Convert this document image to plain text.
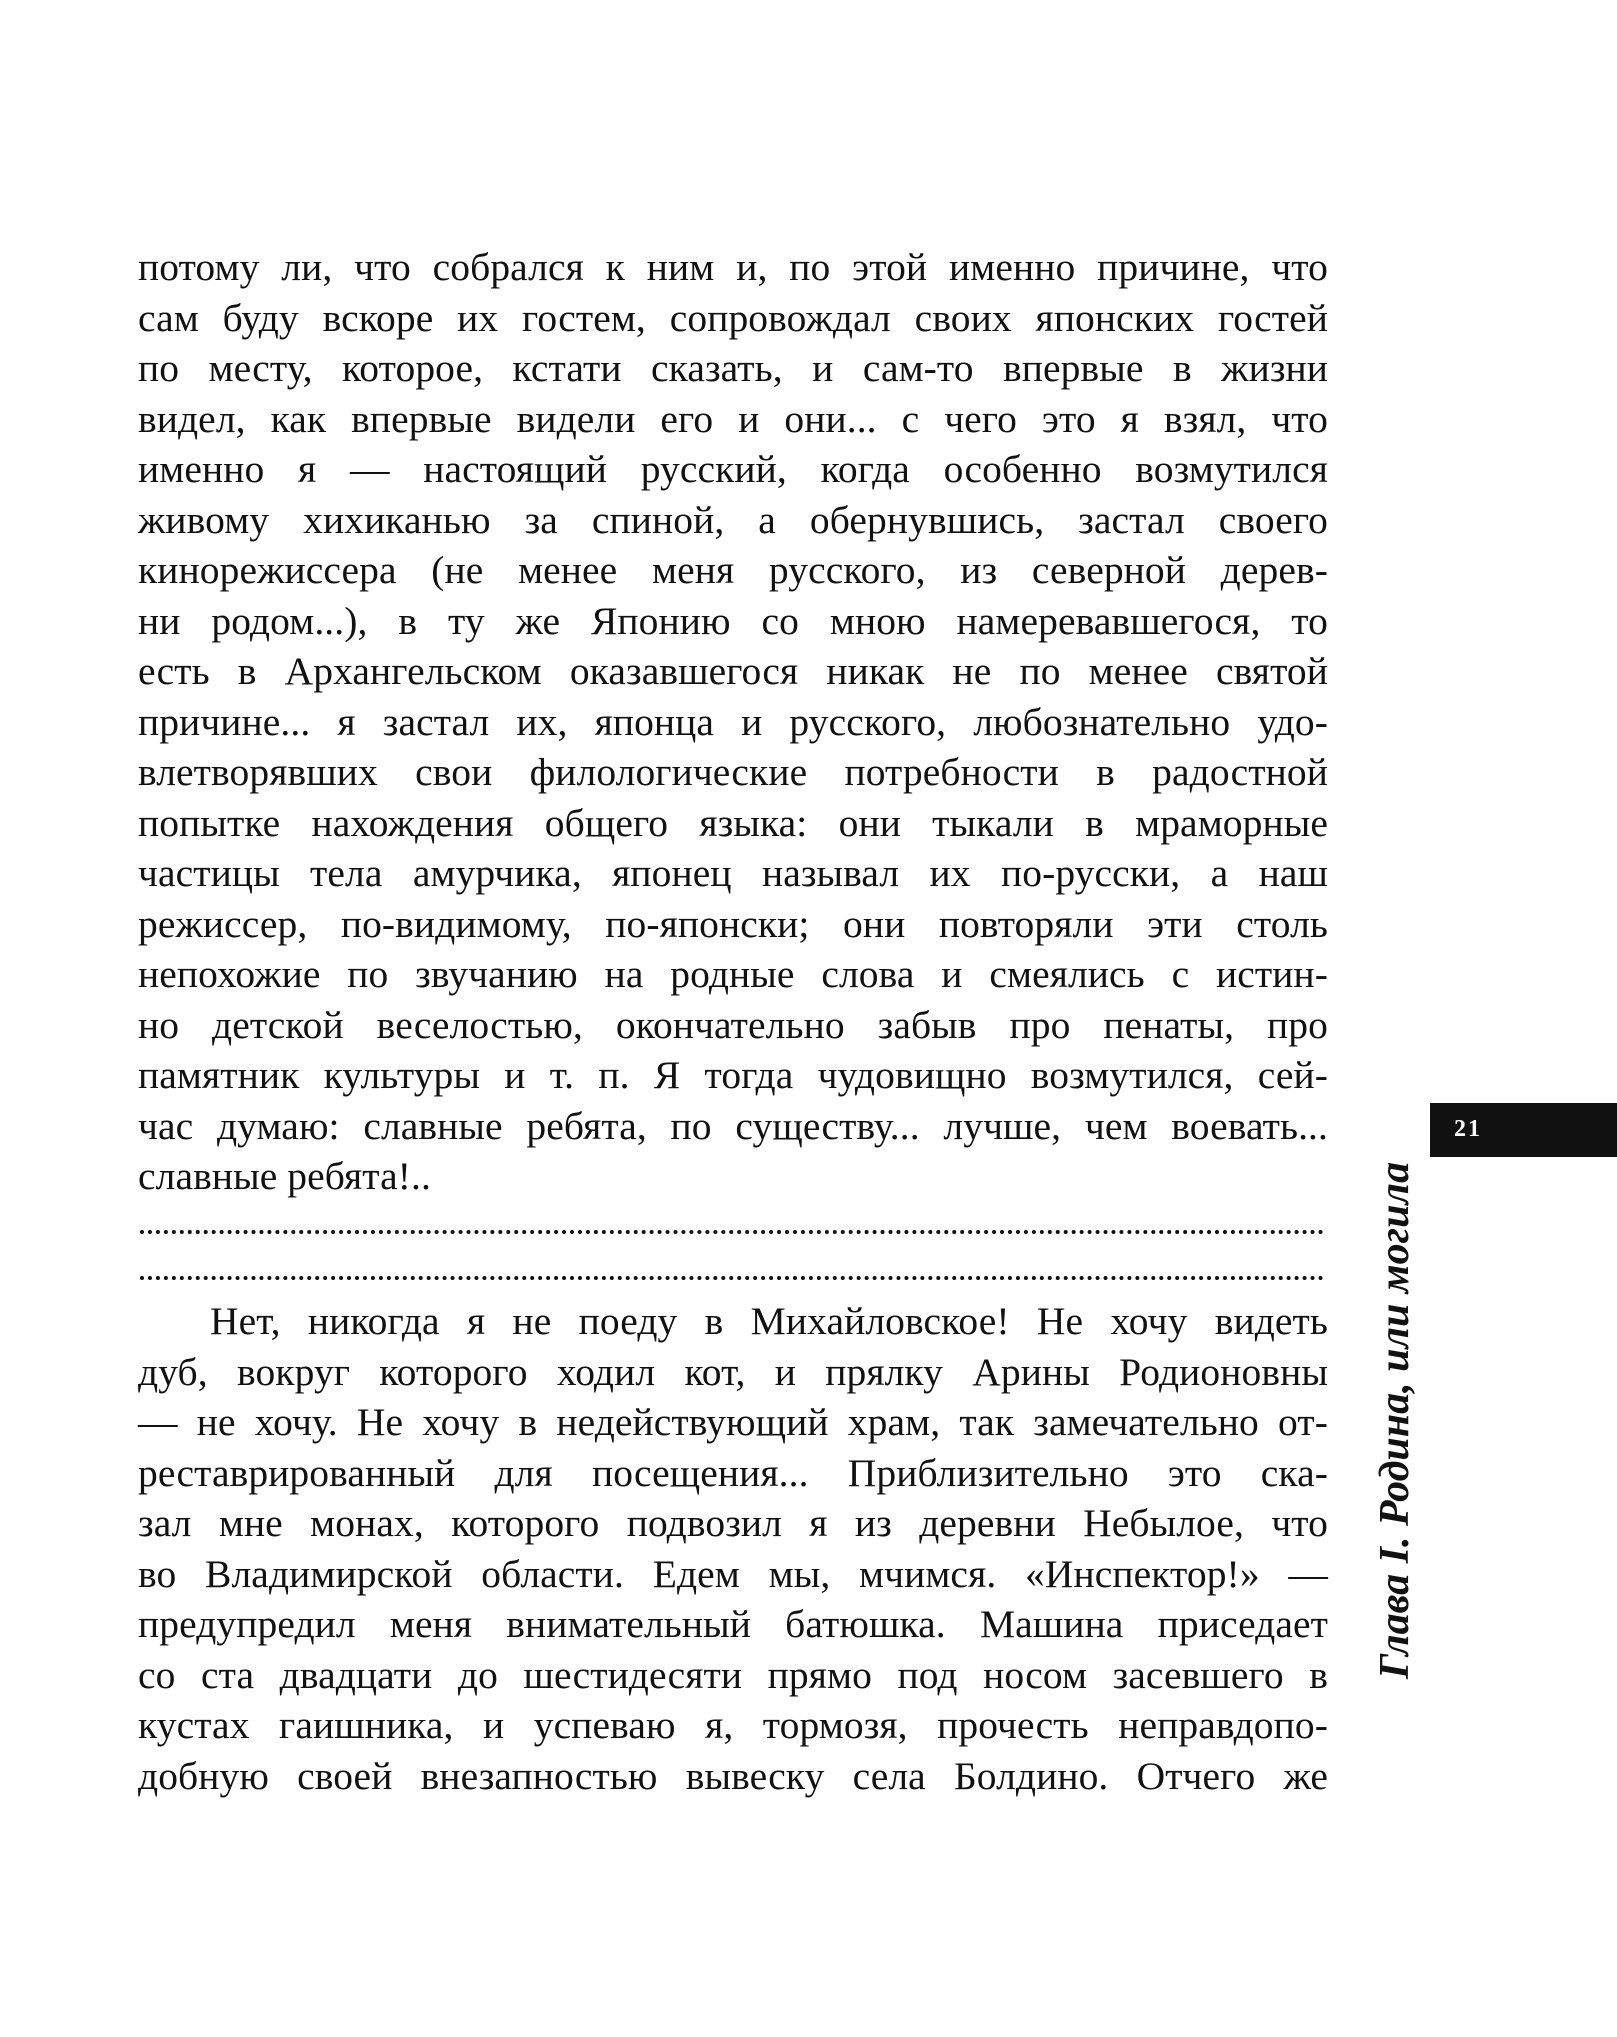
потому ли, что собрался к ним и, по этой именно причине, что
сам буду вскоре их гостем, сопровождал своих японских гостей
по месту, которое, кстати сказать, и сам-то впервые в жизни
видел, как впервые видели его и они... с чего это я взял, что
именно я — настоящий русский, когда особенно возмутился
живому хихиканью за спиной, а обернувшись, застал своего
кинорежиссера (не менее меня русского, из северной дерев-
ни родом...), в ту же Японию со мною намеревавшегося, то
есть в Архангельском оказавшегося никак не по менее святой
причине... я застал их, японца и русского, любознательно удо-
влетворявших свои филологические потребности в радостной
попытке нахождения общего языка: они тыкали в мраморные
частицы тела амурчика, японец называл их по-русски, а наш
режиссер, по-видимому, по-японски; они повторяли эти столь
непохожие по звучанию на родные слова и смеялись с истин-
но детской веселостью, окончательно забыв про пенаты, про
памятник культуры и т. п. Я тогда чудовищно возмутился, сей-
час думаю: славные ребята, по существу... лучше, чем воевать...
славные ребята!..
Нет, никогда я не поеду в Михайловское! Не хочу видеть
дуб, вокруг которого ходил кот, и прялку Арины Родионовны
— не хочу. Не хочу в недействующий храм, так замечательно от-
реставрированный для посещения... Приблизительно это ска-
зал мне монах, которого подвозил я из деревни Небылое, что
во Владимирской области. Едем мы, мчимся. «Инспектор!» —
предупредил меня внимательный батюшка. Машина приседает
со ста двадцати до шестидесяти прямо под носом засевшего в
кустах гаишника, и успеваю я, тормозя, прочесть неправдопо-
добную своей внезапностью вывеску села Болдино. Отчего же
Глава I. Родина, или могила
21
